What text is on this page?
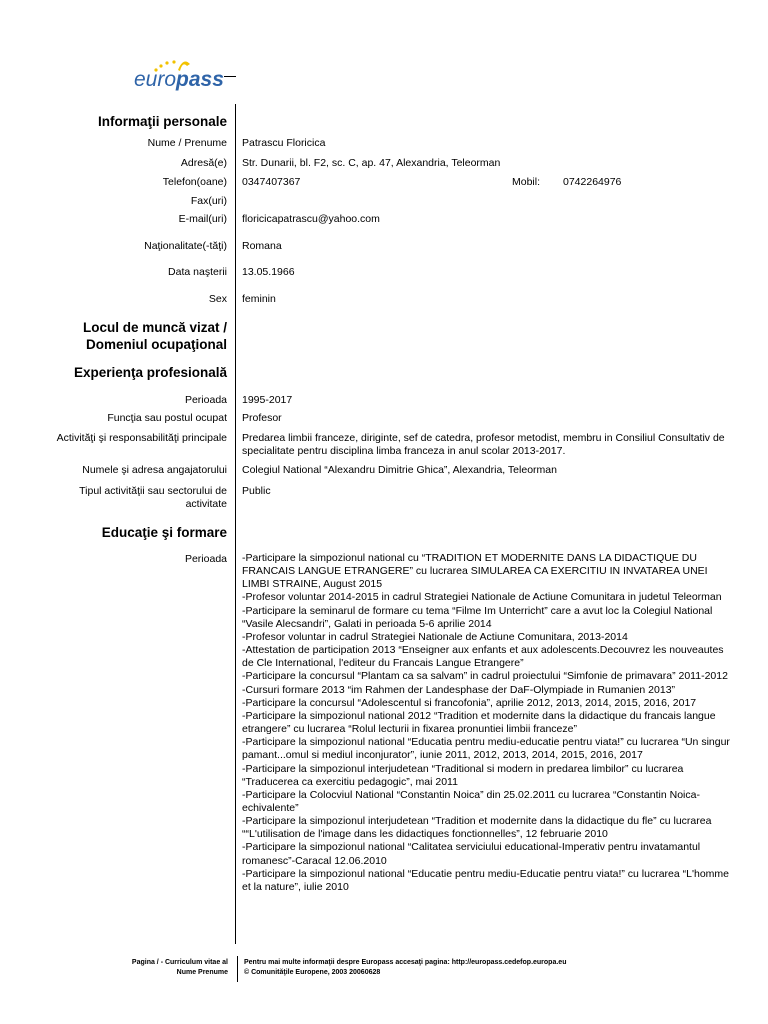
europass
Informaţii personale
Nume / Prenume Patrascu Floricica
Adresă(e) Str. Dunarii, bl. F2, sc. C, ap. 47, Alexandria, Teleorman
Telefon(oane) 0347407367	Mobil: 0742264976
Fax(uri)
E-mail(uri) floricicapatrascu@yahoo.com
Naţionalitate(-tăţi) Romana
Data naşterii 13.05.1966
Sex feminin
Locul de muncă vizat /
Domeniul ocupaţional
Experienţa profesională
Perioada 1995-2017
Funcţia sau postul ocupat Profesor
Activităţi şi responsabilităţi principale Predarea limbii franceze, diriginte, sef de catedra, profesor metodist, membru in Consiliul Consultativ de specialitate pentru disciplina limba franceza in anul scolar 2013-2017.
Numele şi adresa angajatorului Colegiul National “Alexandru Dimitrie Ghica”, Alexandria, Teleorman
Tipul activităţii sau sectorului de
activitate
Public
Educaţie şi formare
Perioada -Participare la simpozionul national cu “TRADITION ET MODERNITE DANS LA DIDACTIQUE DU FRANCAIS LANGUE ETRANGERE” cu lucrarea SIMULAREA CA EXERCITIU IN INVATAREA UNEI LIMBI STRAINE, August 2015
-Profesor voluntar 2014-2015 in cadrul Strategiei Nationale de Actiune Comunitara in judetul Teleorman
-Participare la seminarul de formare cu tema “Filme Im Unterricht” care a avut loc la Colegiul National “Vasile Alecsandri”, Galati in perioada 5-6 aprilie 2014
-Profesor voluntar in cadrul Strategiei Nationale de Actiune Comunitara, 2013-2014
-Attestation de participation 2013 “Enseigner aux enfants et aux adolescents.Decouvrez les nouveautes de Cle International, l'editeur du Francais Langue Etrangere”
-Participare la concursul “Plantam ca sa salvam” in cadrul proiectului “Simfonie de primavara” 2011-2012
-Cursuri formare 2013 “im Rahmen der Landesphase der DaF-Olympiade in Rumanien 2013”
-Participare la concursul “Adolescentul si francofonia”, aprilie 2012, 2013, 2014, 2015, 2016, 2017
-Participare la simpozionul national 2012 “Tradition et modernite dans la didactique du francais langue etrangere” cu lucrarea “Rolul lecturii in fixarea pronuntiei limbii franceze”
-Participare la simpozionul national “Educatia pentru mediu-educatie pentru viata!” cu lucrarea “Un singur pamant...omul si mediul inconjurator”, iunie 2011, 2012, 2013, 2014, 2015, 2016, 2017
-Participare la simpozionul interjudetean “Traditional si modern in predarea limbilor” cu lucrarea “Traducerea ca exercitiu pedagogic”, mai 2011
-Participare la Colocviul National “Constantin Noica” din 25.02.2011 cu lucrarea “Constantin Noica-echivalente”
-Participare la simpozionul interjudetean “Tradition et modernite dans la didactique du fle” cu lucrarea ““L'utilisation de l'image dans les didactiques fonctionnelles”, 12 februarie 2010
-Participare la simpozionul national “Calitatea serviciului educational-Imperativ pentru invatamantul romanesc”-Caracal 12.06.2010
-Participare la simpozionul national “Educatie pentru mediu-Educatie pentru viata!” cu lucrarea “L'homme et la nature”, iulie 2010
Pagina / - Curriculum vitae al
Nume Prenume
Pentru mai multe informaţii despre Europass accesaţi pagina: http://europass.cedefop.europa.eu
© Comunităţile Europene, 2003 20060628
